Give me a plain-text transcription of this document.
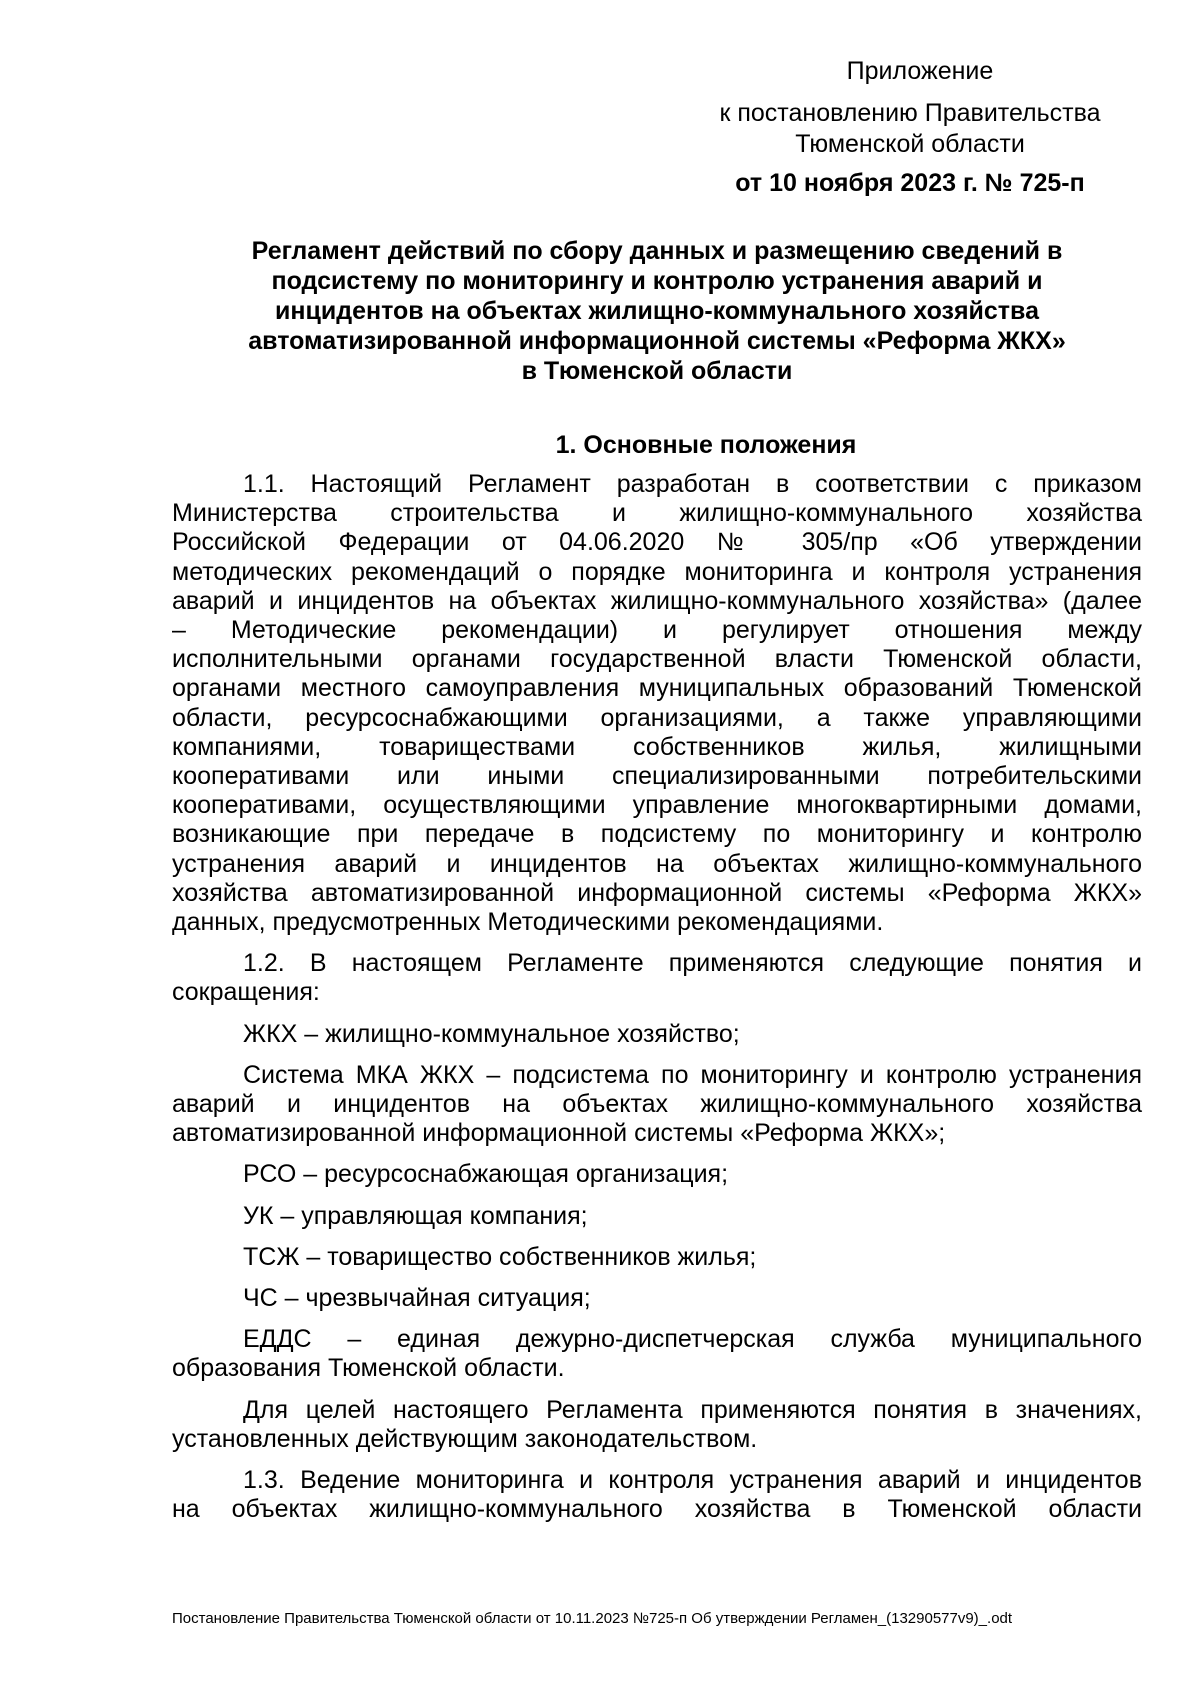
Приложение
к постановлению Правительства
Тюменской области
от 10 ноября 2023 г. № 725-п
Регламент действий по сбору данных и размещению сведений в
подсистему по мониторингу и контролю устранения аварий и
инцидентов на объектах жилищно-коммунального хозяйства
автоматизированной информационной системы «Реформа ЖКХ»
в Тюменской области
1. Основные положения

1.1. Настоящий Регламент разработан в соответствии с приказом
Министерства строительства и жилищно-коммунального хозяйства
Российской Федерации от 04.06.2020 № 305/пр «Об утверждении
методических рекомендаций о порядке мониторинга и контроля устранения
аварий и инцидентов на объектах жилищно-коммунального хозяйства» (далее
– Методические рекомендации) и регулирует отношения между
исполнительными органами государственной власти Тюменской области,
органами местного самоуправления муниципальных образований Тюменской
области, ресурсоснабжающими организациями, а также управляющими
компаниями, товариществами собственников жилья, жилищными
кооперативами или иными специализированными потребительскими
кооперативами, осуществляющими управление многоквартирными домами,
возникающие при передаче в подсистему по мониторингу и контролю
устранения аварий и инцидентов на объектах жилищно-коммунального
хозяйства автоматизированной информационной системы «Реформа ЖКХ»
данных, предусмотренных Методическими рекомендациями.

1.2. В настоящем Регламенте применяются следующие понятия и
сокращения:

ЖКХ – жилищно-коммунальное хозяйство;

Система МКА ЖКХ – подсистема по мониторингу и контролю устранения
аварий и инцидентов на объектах жилищно-коммунального хозяйства
автоматизированной информационной системы «Реформа ЖКХ»;

РСО – ресурсоснабжающая организация;

УК – управляющая компания;

ТСЖ – товарищество собственников жилья;

ЧС – чрезвычайная ситуация;

ЕДДС – единая дежурно-диспетчерская служба муниципального
образования Тюменской области.

Для целей настоящего Регламента применяются понятия в значениях,
установленных действующим законодательством.

1.3. Ведение мониторинга и контроля устранения аварий и инцидентов
на объектах жилищно-коммунального хозяйства в Тюменской области

Постановление Правительства Тюменской области от 10.11.2023 №725-п Об утверждении Регламен_(13290577v9)_.odt
